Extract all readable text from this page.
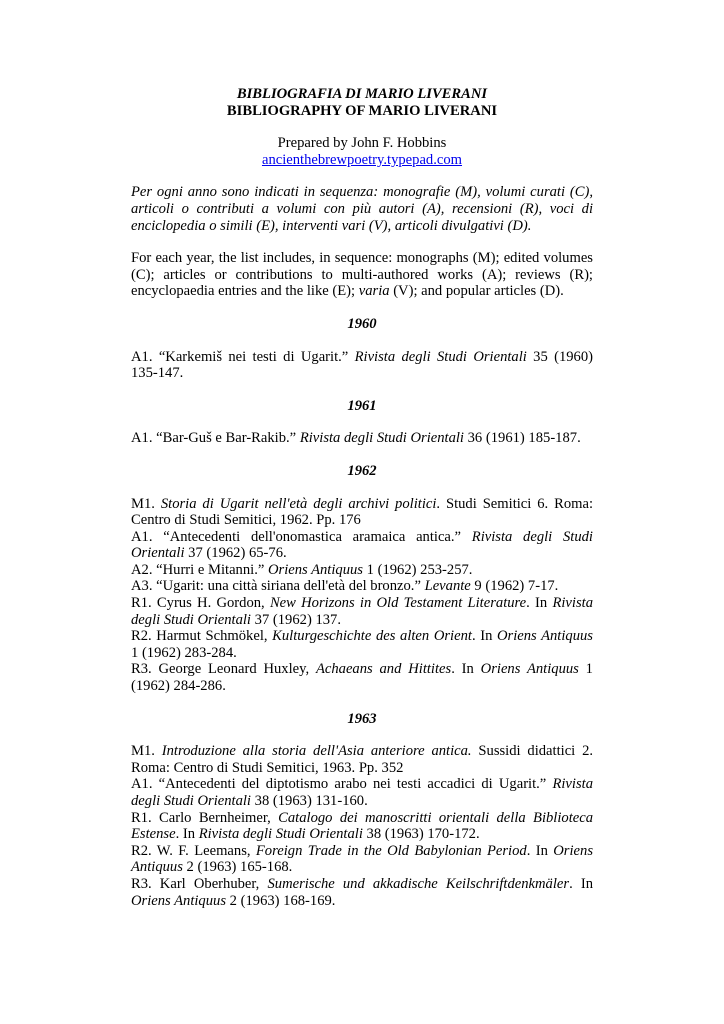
BIBLIOGRAFIA DI MARIO LIVERANI

BIBLIOGRAPHY OF MARIO LIVERANI

Prepared by John F. Hobbins

ancienthebrewpoetry.typepad.com

Per ogni anno sono indicati in sequenza: monografie (M), volumi curati (C), articoli o contributi a volumi con più autori (A), recensioni (R), voci di enciclopedia o simili (E), interventi vari (V), articoli divulgativi (D).

For each year, the list includes, in sequence: monographs (M); edited volumes (C); articles or contributions to multi-authored works (A); reviews (R); encyclopaedia entries and the like (E); varia (V); and popular articles (D).

1960

A1. “Karkemiš nei testi di Ugarit.” Rivista degli Studi Orientali 35 (1960) 135-147.

1961

A1. “Bar-Guš e Bar-Rakib.” Rivista degli Studi Orientali 36 (1961) 185-187.

1962

M1. Storia di Ugarit nell'età degli archivi politici. Studi Semitici 6. Roma: Centro di Studi Semitici, 1962. Pp. 176

A1. “Antecedenti dell'onomastica aramaica antica.” Rivista degli Studi Orientali 37 (1962) 65-76.

A2. “Hurri e Mitanni.” Oriens Antiquus 1 (1962) 253-257.

A3. “Ugarit: una città siriana dell'età del bronzo.” Levante 9 (1962) 7-17.

R1. Cyrus H. Gordon, New Horizons in Old Testament Literature. In Rivista degli Studi Orientali 37 (1962) 137.

R2. Harmut Schmökel, Kulturgeschichte des alten Orient. In Oriens Antiquus 1 (1962) 283-284.

R3. George Leonard Huxley, Achaeans and Hittites. In Oriens Antiquus 1 (1962) 284-286.

1963

M1. Introduzione alla storia dell'Asia anteriore antica. Sussidi didattici 2. Roma: Centro di Studi Semitici, 1963. Pp. 352

A1. “Antecedenti del diptotismo arabo nei testi accadici di Ugarit.” Rivista degli Studi Orientali 38 (1963) 131-160.

R1. Carlo Bernheimer, Catalogo dei manoscritti orientali della Biblioteca Estense. In Rivista degli Studi Orientali 38 (1963) 170-172.

R2. W. F. Leemans, Foreign Trade in the Old Babylonian Period. In Oriens Antiquus 2 (1963) 165-168.

R3. Karl Oberhuber, Sumerische und akkadische Keilschriftdenkmäler. In Oriens Antiquus 2 (1963) 168-169.
